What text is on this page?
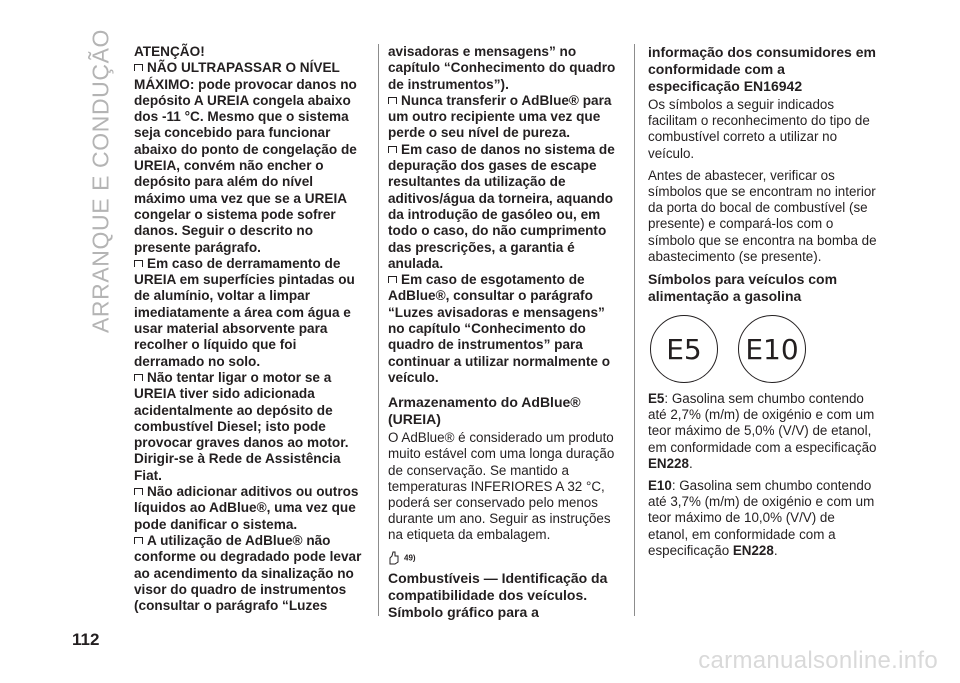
ARRANQUE E CONDUÇÃO
112

ATENÇÃO!

NÃO ULTRAPASSAR O NÍVEL MÁXIMO: pode provocar danos no depósito A UREIA congela abaixo dos -11 °C. Mesmo que o sistema seja concebido para funcionar abaixo do ponto de congelação de UREIA, convém não encher o depósito para além do nível máximo uma vez que se a UREIA congelar o sistema pode sofrer danos. Seguir o descrito no presente parágrafo.

Em caso de derramamento de UREIA em superfícies pintadas ou de alumínio, voltar a limpar imediatamente a área com água e usar material absorvente para recolher o líquido que foi derramado no solo.

Não tentar ligar o motor se a UREIA tiver sido adicionada acidentalmente ao depósito de combustível Diesel; isto pode provocar graves danos ao motor. Dirigir-se à Rede de Assistência Fiat.

Não adicionar aditivos ou outros líquidos ao AdBlue®, uma vez que pode danificar o sistema.

A utilização de AdBlue® não conforme ou degradado pode levar ao acendimento da sinalização no visor do quadro de instrumentos (consultar o parágrafo “Luzes

avisadoras e mensagens” no capítulo “Conhecimento do quadro de instrumentos”).

Nunca transferir o AdBlue® para um outro recipiente uma vez que perde o seu nível de pureza.

Em caso de danos no sistema de depuração dos gases de escape resultantes da utilização de aditivos/água da torneira, aquando da introdução de gasóleo ou, em todo o caso, do não cumprimento das prescrições, a garantia é anulada.

Em caso de esgotamento de AdBlue®, consultar o parágrafo “Luzes avisadoras e mensagens” no capítulo “Conhecimento do quadro de instrumentos” para continuar a utilizar normalmente o veículo.

Armazenamento do AdBlue® (UREIA)

O AdBlue® é considerado um produto muito estável com uma longa duração de conservação. Se mantido a temperaturas INFERIORES A 32 °C, poderá ser conservado pelo menos durante um ano. Seguir as instruções na etiqueta da embalagem.

49)

Combustíveis — Identificação da compatibilidade dos veículos. Símbolo gráfico para a

informação dos consumidores em conformidade com a especificação EN16942

Os símbolos a seguir indicados facilitam o reconhecimento do tipo de combustível correto a utilizar no veículo.

Antes de abastecer, verificar os símbolos que se encontram no interior da porta do bocal de combustível (se presente) e compará-los com o símbolo que se encontra na bomba de abastecimento (se presente).

Símbolos para veículos com alimentação a gasolina

E5	E10

E5: Gasolina sem chumbo contendo até 2,7% (m/m) de oxigénio e com um teor máximo de 5,0% (V/V) de etanol, em conformidade com a especificação EN228.

E10: Gasolina sem chumbo contendo até 3,7% (m/m) de oxigénio e com um teor máximo de 10,0% (V/V) de etanol, em conformidade com a especificação EN228.

carmanualsonline.info
